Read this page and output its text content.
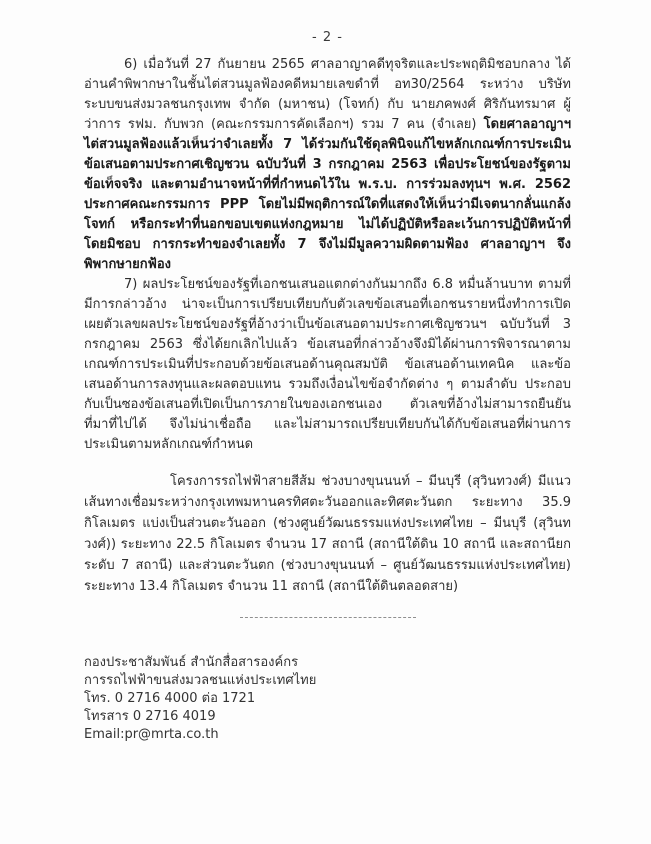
- 2 -

6) เมื่อวันที่ 27 กันยายน 2565 ศาลอาญาคดีทุจริตและประพฤติมิชอบกลาง ได้อ่านคำพิพากษาในชั้นไต่สวนมูลฟ้องคดีหมายเลขดำที่ อท30/2564 ระหว่าง บริษัท ระบบขนส่งมวลชนกรุงเทพ จำกัด (มหาชน) (โจทก์) กับ นายภคพงศ์ ศิริกันทรมาศ ผู้ว่าการ รฟม. กับพวก (คณะกรรมการคัดเลือกฯ) รวม 7 คน (จำเลย) โดยศาลอาญาฯ ไต่สวนมูลฟ้องแล้วเห็นว่าจำเลยทั้ง 7 ได้ร่วมกันใช้ดุลพินิจแก้ไขหลักเกณฑ์การประเมินข้อเสนอตามประกาศเชิญชวน ฉบับวันที่ 3 กรกฎาคม 2563 เพื่อประโยชน์ของรัฐตามข้อเท็จจริง และตามอำนาจหน้าที่ที่กำหนดไว้ใน พ.ร.บ. การร่วมลงทุนฯ พ.ศ. 2562 ประกาศคณะกรรมการ PPP โดยไม่มีพฤติการณ์ใดที่แสดงให้เห็นว่ามีเจตนากลั่นแกล้งโจทก์ หรือกระทำที่นอกขอบเขตแห่งกฎหมาย ไม่ได้ปฏิบัติหรือละเว้นการปฏิบัติหน้าที่โดยมิชอบ การกระทำของจำเลยทั้ง 7 จึงไม่มีมูลความผิดตามฟ้อง ศาลอาญาฯ จึงพิพากษายกฟ้อง

7) ผลประโยชน์ของรัฐที่เอกชนเสนอแตกต่างกันมากถึง 6.8 หมื่นล้านบาท ตามที่มีการกล่าวอ้าง น่าจะเป็นการเปรียบเทียบกับตัวเลขข้อเสนอที่เอกชนรายหนึ่งทำการเปิดเผยตัวเลขผลประโยชน์ของรัฐที่อ้างว่าเป็นข้อเสนอตามประกาศเชิญชวนฯ ฉบับวันที่ 3 กรกฎาคม 2563 ซึ่งได้ยกเลิกไปแล้ว ข้อเสนอที่กล่าวอ้างจึงมิได้ผ่านการพิจารณาตามเกณฑ์การประเมินที่ประกอบด้วยข้อเสนอด้านคุณสมบัติ ข้อเสนอด้านเทคนิค และข้อเสนอด้านการลงทุนและผลตอบแทน รวมถึงเงื่อนไขข้อจำกัดต่าง ๆ ตามลำดับ ประกอบกับเป็นซองข้อเสนอที่เปิดเป็นการภายในของเอกชนเอง ตัวเลขที่อ้างไม่สามารถยืนยันที่มาที่ไปได้ จึงไม่น่าเชื่อถือ และไม่สามารถเปรียบเทียบกันได้กับข้อเสนอที่ผ่านการประเมินตามหลักเกณฑ์กำหนด

โครงการรถไฟฟ้าสายสีส้ม ช่วงบางขุนนนท์ – มีนบุรี (สุวินทวงศ์) มีแนวเส้นทางเชื่อมระหว่างกรุงเทพมหานครทิศตะวันออกและทิศตะวันตก ระยะทาง 35.9 กิโลเมตร แบ่งเป็นส่วนตะวันออก (ช่วงศูนย์วัฒนธรรมแห่งประเทศไทย – มีนบุรี (สุวินทวงศ์)) ระยะทาง 22.5 กิโลเมตร จำนวน 17 สถานี (สถานีใต้ดิน 10 สถานี และสถานียกระดับ 7 สถานี) และส่วนตะวันตก (ช่วงบางขุนนนท์ – ศูนย์วัฒนธรรมแห่งประเทศไทย) ระยะทาง 13.4 กิโลเมตร จำนวน 11 สถานี (สถานีใต้ดินตลอดสาย)

กองประชาสัมพันธ์ สำนักสื่อสารองค์กร
การรถไฟฟ้าขนส่งมวลชนแห่งประเทศไทย
โทร. 0 2716 4000 ต่อ 1721
โทรสาร 0 2716 4019
Email:pr@mrta.co.th
